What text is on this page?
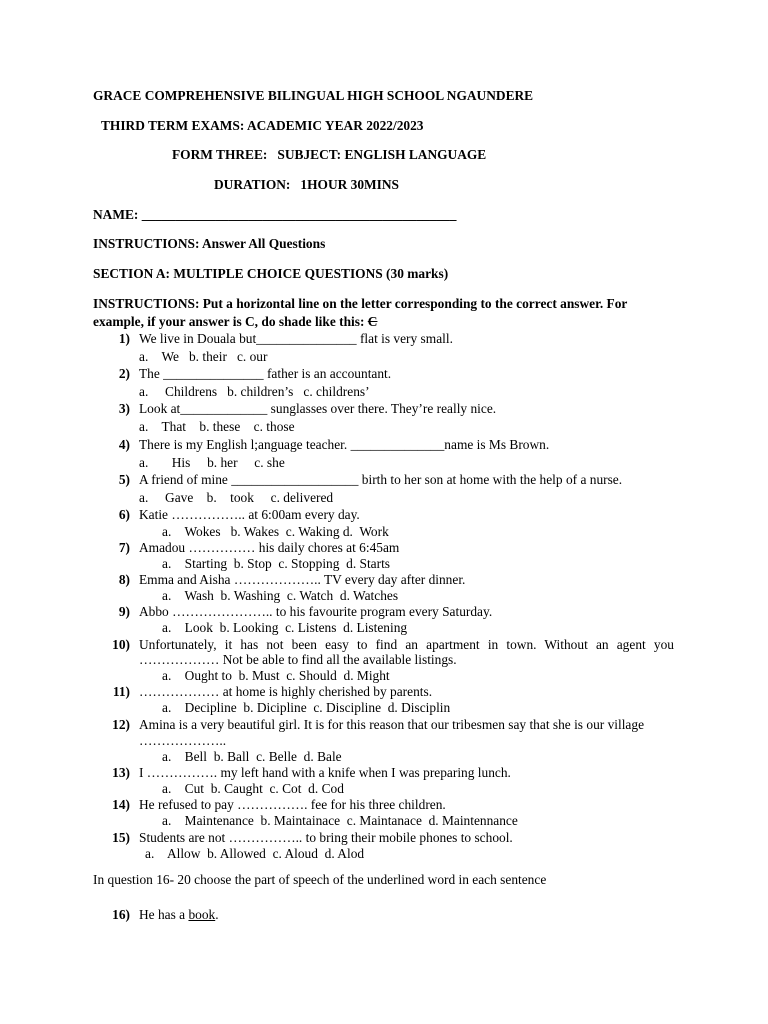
GRACE COMPREHENSIVE BILINGUAL HIGH SCHOOL NGAUNDERE
THIRD TERM EXAMS: ACADEMIC YEAR 2022/2023
FORM THREE:   SUBJECT: ENGLISH LANGUAGE
DURATION:   1HOUR 30MINS
NAME: _______________________________________________
INSTRUCTIONS: Answer All Questions
SECTION A: MULTIPLE CHOICE QUESTIONS (30 marks)
INSTRUCTIONS: Put a horizontal line on the letter corresponding to the correct answer. For
example, if your answer is C, do shade like this: C
1) We live in Douala but_______________ flat is very small.
a.    We   b. their   c. our
2) The _______________ father is an accountant.
a.     Childrens   b. children’s   c. childrens’
3) Look at_____________ sunglasses over there. They’re really nice.
a.    That    b. these    c. those
4) There is my English l;anguage teacher. ______________name is Ms Brown.
a.       His     b. her     c. she
5) A friend of mine ___________________ birth to her son at home with the help of a nurse.
a.     Gave    b.    took     c. delivered
6) Katie …………….. at 6:00am every day.
a.    Wokes   b. Wakes  c. Waking d.  Work
7) Amadou …………… his daily chores at 6:45am
a.    Starting  b. Stop  c. Stopping  d. Starts
8) Emma and Aisha ……………….. TV every day after dinner.
a.    Wash  b. Washing  c. Watch  d. Watches
9) Abbo ………………….. to his favourite program every Saturday.
a.    Look  b. Looking  c. Listens  d. Listening
10) Unfortunately, it has not been easy to find an apartment in town. Without an agent you
……………… Not be able to find all the available listings.
a.    Ought to  b. Must  c. Should  d. Might
11) ……………… at home is highly cherished by parents.
a.    Decipline  b. Dicipline  c. Discipline  d. Disciplin
12) Amina is a very beautiful girl. It is for this reason that our tribesmen say that she is our village
………………..
a.    Bell  b. Ball  c. Belle  d. Bale
13) I ……………. my left hand with a knife when I was preparing lunch.
a.    Cut  b. Caught  c. Cot  d. Cod
14) He refused to pay ……………. fee for his three children.
a.    Maintenance  b. Maintainace  c. Maintanace  d. Maintennance
15) Students are not …………….. to bring their mobile phones to school.
a.    Allow  b. Allowed  c. Aloud  d. Alod
In question 16- 20 choose the part of speech of the underlined word in each sentence
16) He has a book.
